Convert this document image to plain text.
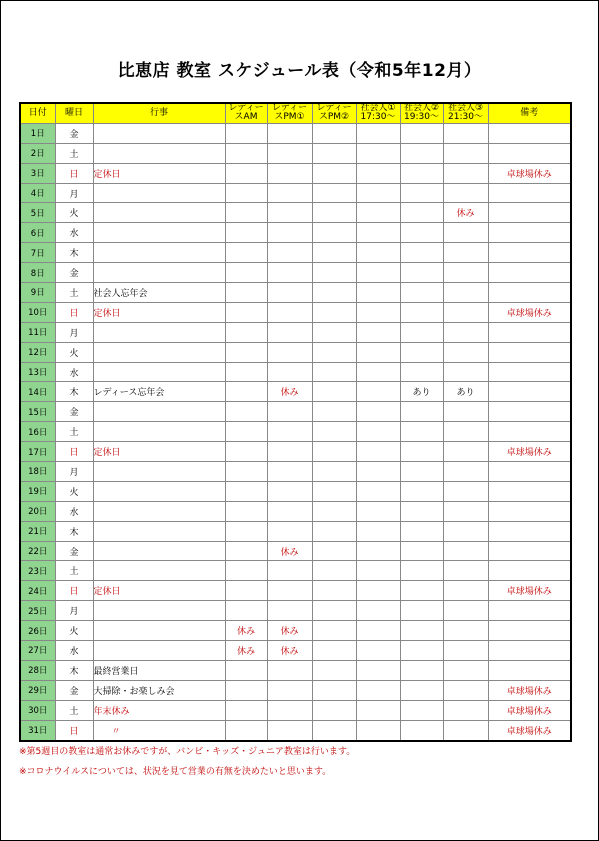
比恵店 教室 スケジュール表（令和5年12月）
日付	曜日	行事	レディースAM	レディースPM①	レディースPM②	社会人①17:30～	社会人②19:30～	社会人③21:30～	備考
1日	金								
2日	土								
3日	日	定休日							卓球場休み
4日	月								
5日	火							休み	
6日	水								
7日	木								
8日	金								
9日	土	社会人忘年会							
10日	日	定休日							卓球場休み
11日	月								
12日	火								
13日	水								
14日	木	レディース忘年会		休み			あり	あり	
15日	金								
16日	土								
17日	日	定休日							卓球場休み
18日	月								
19日	火								
20日	水								
21日	木								
22日	金			休み					
23日	土								
24日	日	定休日							卓球場休み
25日	月								
26日	火		休み	休み					
27日	水		休み	休み					
28日	木	最終営業日							
29日	金	大掃除・お楽しみ会							卓球場休み
30日	土	年末休み							卓球場休み
31日	日	〃							卓球場休み
※第5週目の教室は通常お休みですが、バンビ・キッズ・ジュニア教室は行います。
※コロナウイルスについては、状況を見て営業の有無を決めたいと思います。
